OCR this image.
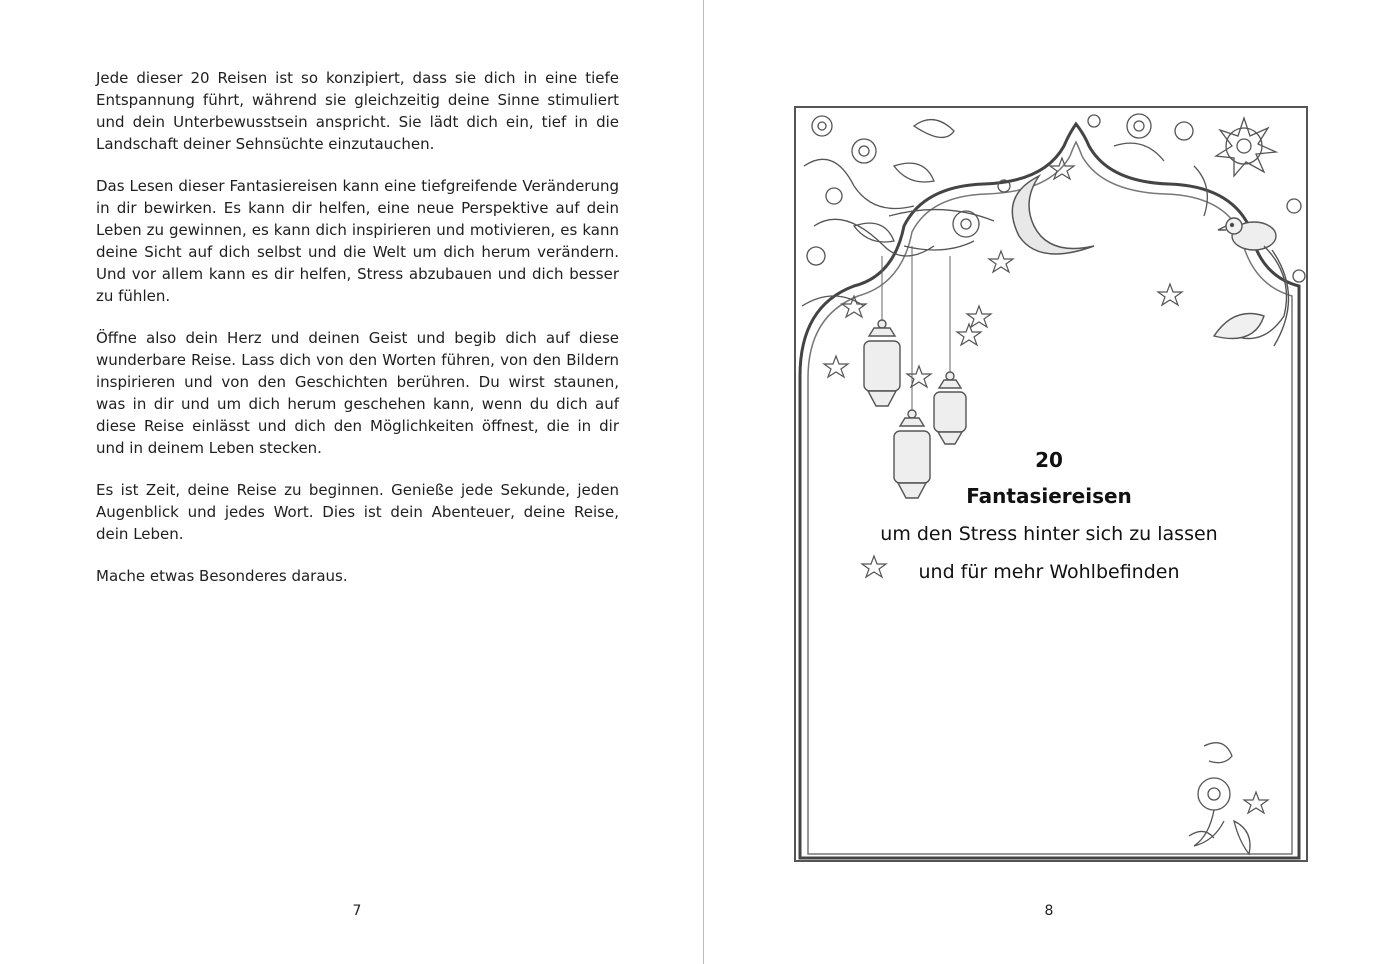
Jede dieser 20 Reisen ist so konzipiert, dass sie dich in eine tiefe Entspannung führt, während sie gleichzeitig deine Sinne stimuliert und dein Unterbewusstsein anspricht. Sie lädt dich ein, tief in die Landschaft deiner Sehnsüchte einzutauchen.

Das Lesen dieser Fantasiereisen kann eine tiefgreifende Veränderung in dir bewirken. Es kann dir helfen, eine neue Perspektive auf dein Leben zu gewinnen, es kann dich inspirieren und motivieren, es kann deine Sicht auf dich selbst und die Welt um dich herum verändern. Und vor allem kann es dir helfen, Stress abzubauen und dich besser zu fühlen.

Öffne also dein Herz und deinen Geist und begib dich auf diese wunderbare Reise. Lass dich von den Worten führen, von den Bildern inspirieren und von den Geschichten berühren. Du wirst staunen, was in dir und um dich herum geschehen kann, wenn du dich auf diese Reise einlässt und dich den Möglichkeiten öffnest, die in dir und in deinem Leben stecken.

Es ist Zeit, deine Reise zu beginnen. Genieße jede Sekunde, jeden Augenblick und jedes Wort. Dies ist dein Abenteuer, deine Reise, dein Leben.

Mache etwas Besonderes daraus.

7
20
Fantasiereisen
um den Stress hinter sich zu lassen
und für mehr Wohlbefinden
8
